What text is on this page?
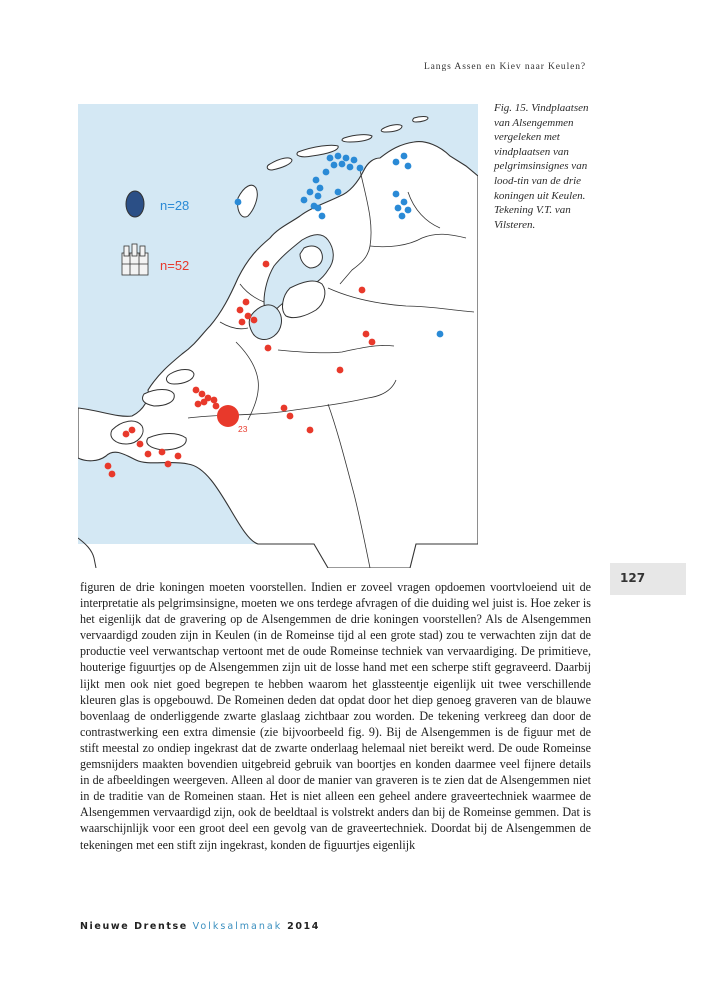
Langs Assen en Kiev naar Keulen?
n=28
n=52
23
Fig. 15. Vindplaatsen van Alsengemmen vergeleken met vindplaatsen van pelgrimsinsignes van lood-tin van de drie koningen uit Keulen. Tekening V.T. van Vilsteren.
127

figuren de drie koningen moeten voorstellen. Indien er zoveel vragen opdoemen voortvloeiend uit de interpretatie als pelgrimsinsigne, moeten we ons terdege afvragen of die duiding wel juist is. Hoe zeker is het eigenlijk dat de gravering op de Alsengemmen de drie koningen voorstellen? Als de Alsengemmen vervaardigd zouden zijn in Keulen (in de Romeinse tijd al een grote stad) zou te verwachten zijn dat de productie veel verwantschap vertoont met de oude Romeinse techniek van vervaardiging. De primitieve, houterige figuurtjes op de Alsengemmen zijn uit de losse hand met een scherpe stift gegraveerd. Daarbij lijkt men ook niet goed begrepen te hebben waarom het glassteentje eigenlijk uit twee verschillende kleuren glas is opgebouwd. De Romeinen deden dat opdat door het diep genoeg graveren van de blauwe bovenlaag de onderliggende zwarte glaslaag zichtbaar zou worden. De tekening verkreeg dan door de contrastwerking een extra dimensie (zie bijvoorbeeld fig. 9). Bij de Alsengemmen is de figuur met de stift meestal zo ondiep ingekrast dat de zwarte onderlaag helemaal niet bereikt werd. De oude Romeinse gemsnijders maakten bovendien uitgebreid gebruik van boortjes en konden daarmee veel fijnere details in de afbeeldingen weergeven. Alleen al door de manier van graveren is te zien dat de Alsengemmen niet in de traditie van de Romeinen staan. Het is niet alleen een geheel andere graveertechniek waarmee de Alsengemmen vervaardigd zijn, ook de beeldtaal is volstrekt anders dan bij de Romeinse gemmen. Dat is waarschijnlijk voor een groot deel een gevolg van de graveertechniek. Doordat bij de Alsengemmen de tekeningen met een stift zijn ingekrast, konden de figuurtjes eigenlijk

Nieuwe Drentse Volksalmanak 2014
